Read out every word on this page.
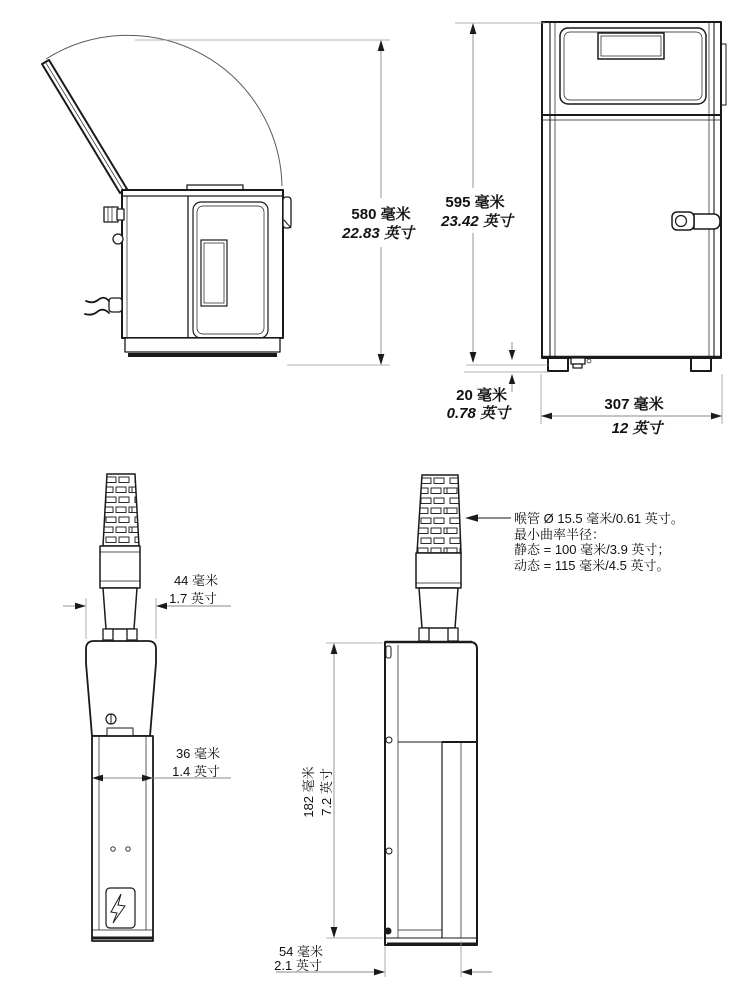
580 毫米
22.83 英寸
595 毫米
23.42 英寸
20 毫米
0.78 英寸
307 毫米
12 英寸
44 毫米
1.7 英寸
36 毫米
1.4 英寸	182 毫米 7.2 英寸
54 毫米
2.1 英寸
喉管 Ø 15.5 毫米/0.61 英寸。
最小曲率半径：
静态 = 100 毫米/3.9 英寸；
动态 = 115 毫米/4.5 英寸。
